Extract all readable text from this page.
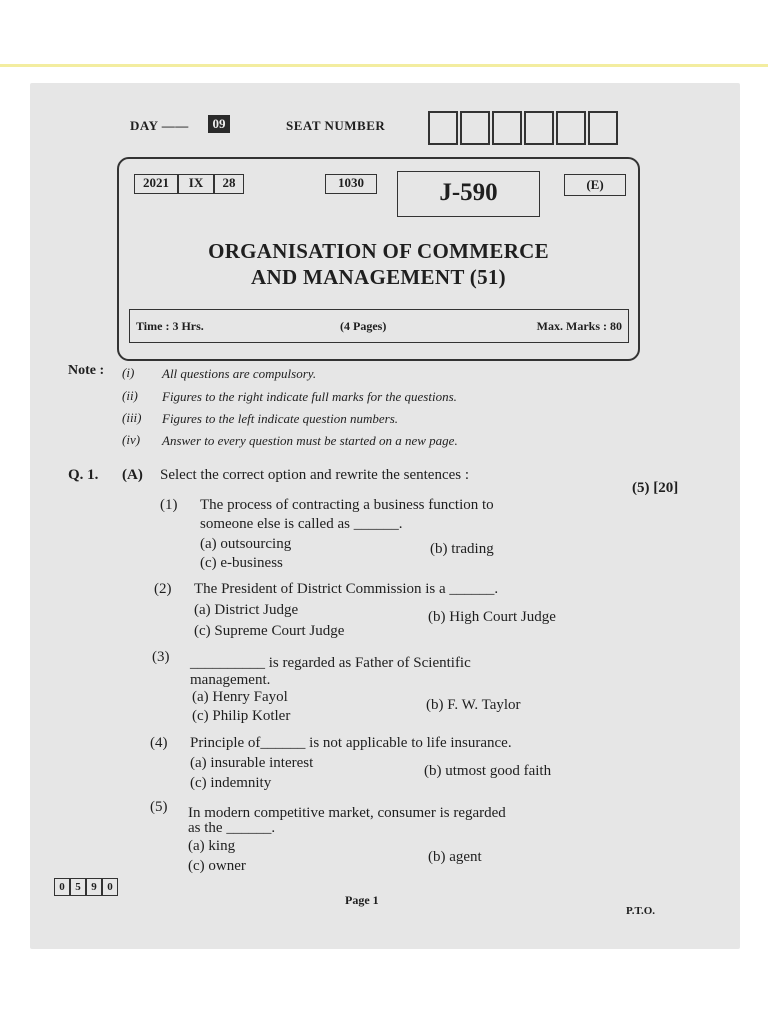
DAY ——	09	SEAT NUMBER
2021	IX	28	1030	J-590	(E)
ORGANISATION OF COMMERCE
AND MANAGEMENT (51)
Time : 3 Hrs.	(4 Pages)	Max. Marks : 80
Note : (i) All questions are compulsory.
(ii) Figures to the right indicate full marks for the questions.
(iii) Figures to the left indicate question numbers.
(iv) Answer to every question must be started on a new page.
Q. 1. (A) Select the correct option and rewrite the sentences :
(5) [20]
(1) The process of contracting a business function to
someone else is called as ______.
(a) outsourcing	(b) trading
(c) e-business
(2) The President of District Commission is a ______.
(a) District Judge	(b) High Court Judge
(c) Supreme Court Judge
(3) __________ is regarded as Father of Scientific
management.
(a) Henry Fayol	(b) F. W. Taylor
(c) Philip Kotler
(4) Principle of______ is not applicable to life insurance.
(a) insurable interest	(b) utmost good faith
(c) indemnity
(5) In modern competitive market, consumer is regarded
as the ______.
(a) king
(b) agent
(c) owner
0 5 9 0
Page 1
P.T.O.
